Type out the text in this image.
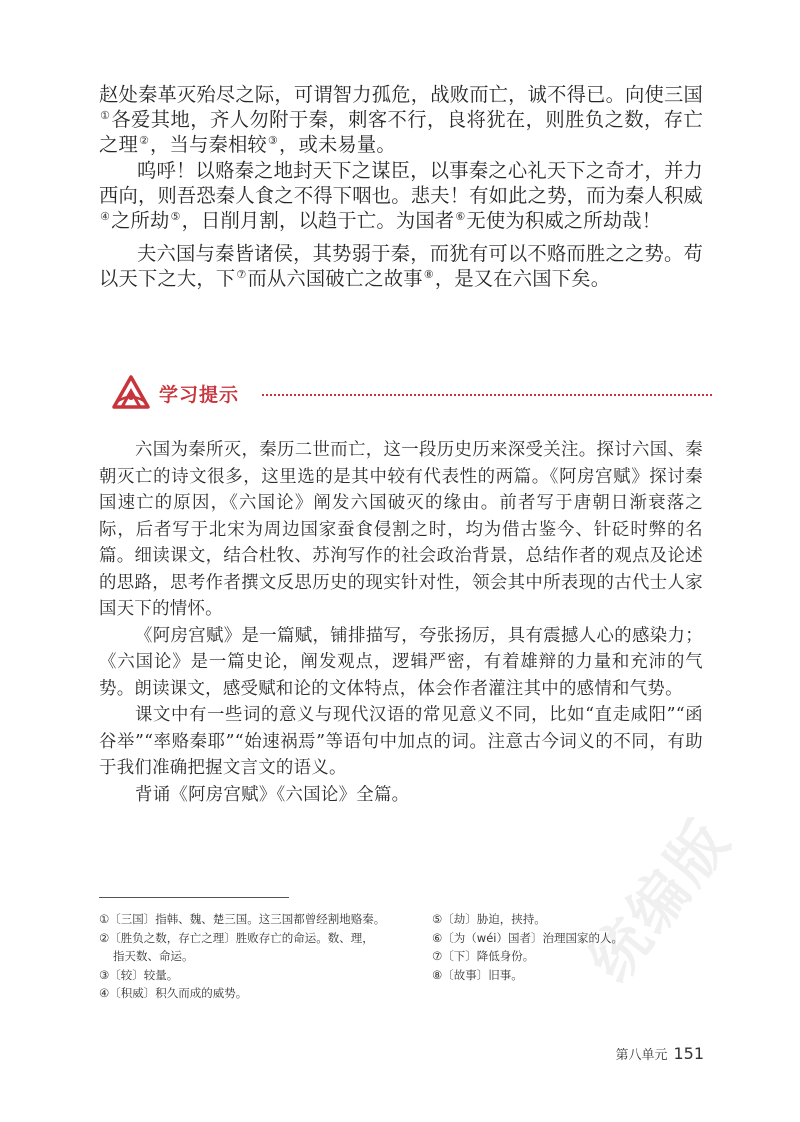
赵处秦革灭殆尽之际，可谓智力孤危，战败而亡，诚不得已。向使三国①各爱其地，齐人勿附于秦，刺客不行，良将犹在，则胜负之数，存亡之理②，当与秦相较③，或未易量。

呜呼！以赂秦之地封天下之谋臣，以事秦之心礼天下之奇才，并力西向，则吾恐秦人食之不得下咽也。悲夫！有如此之势，而为秦人积威④之所劫⑤，日削月割，以趋于亡。为国者⑥无使为积威之所劫哉！

夫六国与秦皆诸侯，其势弱于秦，而犹有可以不赂而胜之之势。苟以天下之大，下⑦而从六国破亡之故事⑧，是又在六国下矣。

学习提示

六国为秦所灭，秦历二世而亡，这一段历史历来深受关注。探讨六国、秦朝灭亡的诗文很多，这里选的是其中较有代表性的两篇。《阿房宫赋》探讨秦国速亡的原因，《六国论》阐发六国破灭的缘由。前者写于唐朝日渐衰落之际，后者写于北宋为周边国家蚕食侵割之时，均为借古鉴今、针砭时弊的名篇。细读课文，结合杜牧、苏洵写作的社会政治背景，总结作者的观点及论述的思路，思考作者撰文反思历史的现实针对性，领会其中所表现的古代士人家国天下的情怀。

《阿房宫赋》是一篇赋，铺排描写，夸张扬厉，具有震撼人心的感染力；《六国论》是一篇史论，阐发观点，逻辑严密，有着雄辩的力量和充沛的气势。朗读课文，感受赋和论的文体特点，体会作者灌注其中的感情和气势。

课文中有一些词的意义与现代汉语的常见意义不同，比如“直走咸阳”“函谷举”“率赂秦耶”“始速祸焉”等语句中加点的词。注意古今词义的不同，有助于我们准确把握文言文的语义。

背诵《阿房宫赋》《六国论》全篇。

统编版
①〔三国〕指韩、魏、楚三国。这三国都曾经割地赂秦。
②〔胜负之数，存亡之理〕胜败存亡的命运。数、理，
指天数、命运。
③〔较〕较量。
④〔积威〕积久而成的威势。
⑤〔劫〕胁迫，挟持。
⑥〔为（wéi）国者〕治理国家的人。
⑦〔下〕降低身份。
⑧〔故事〕旧事。
第八单元 151
